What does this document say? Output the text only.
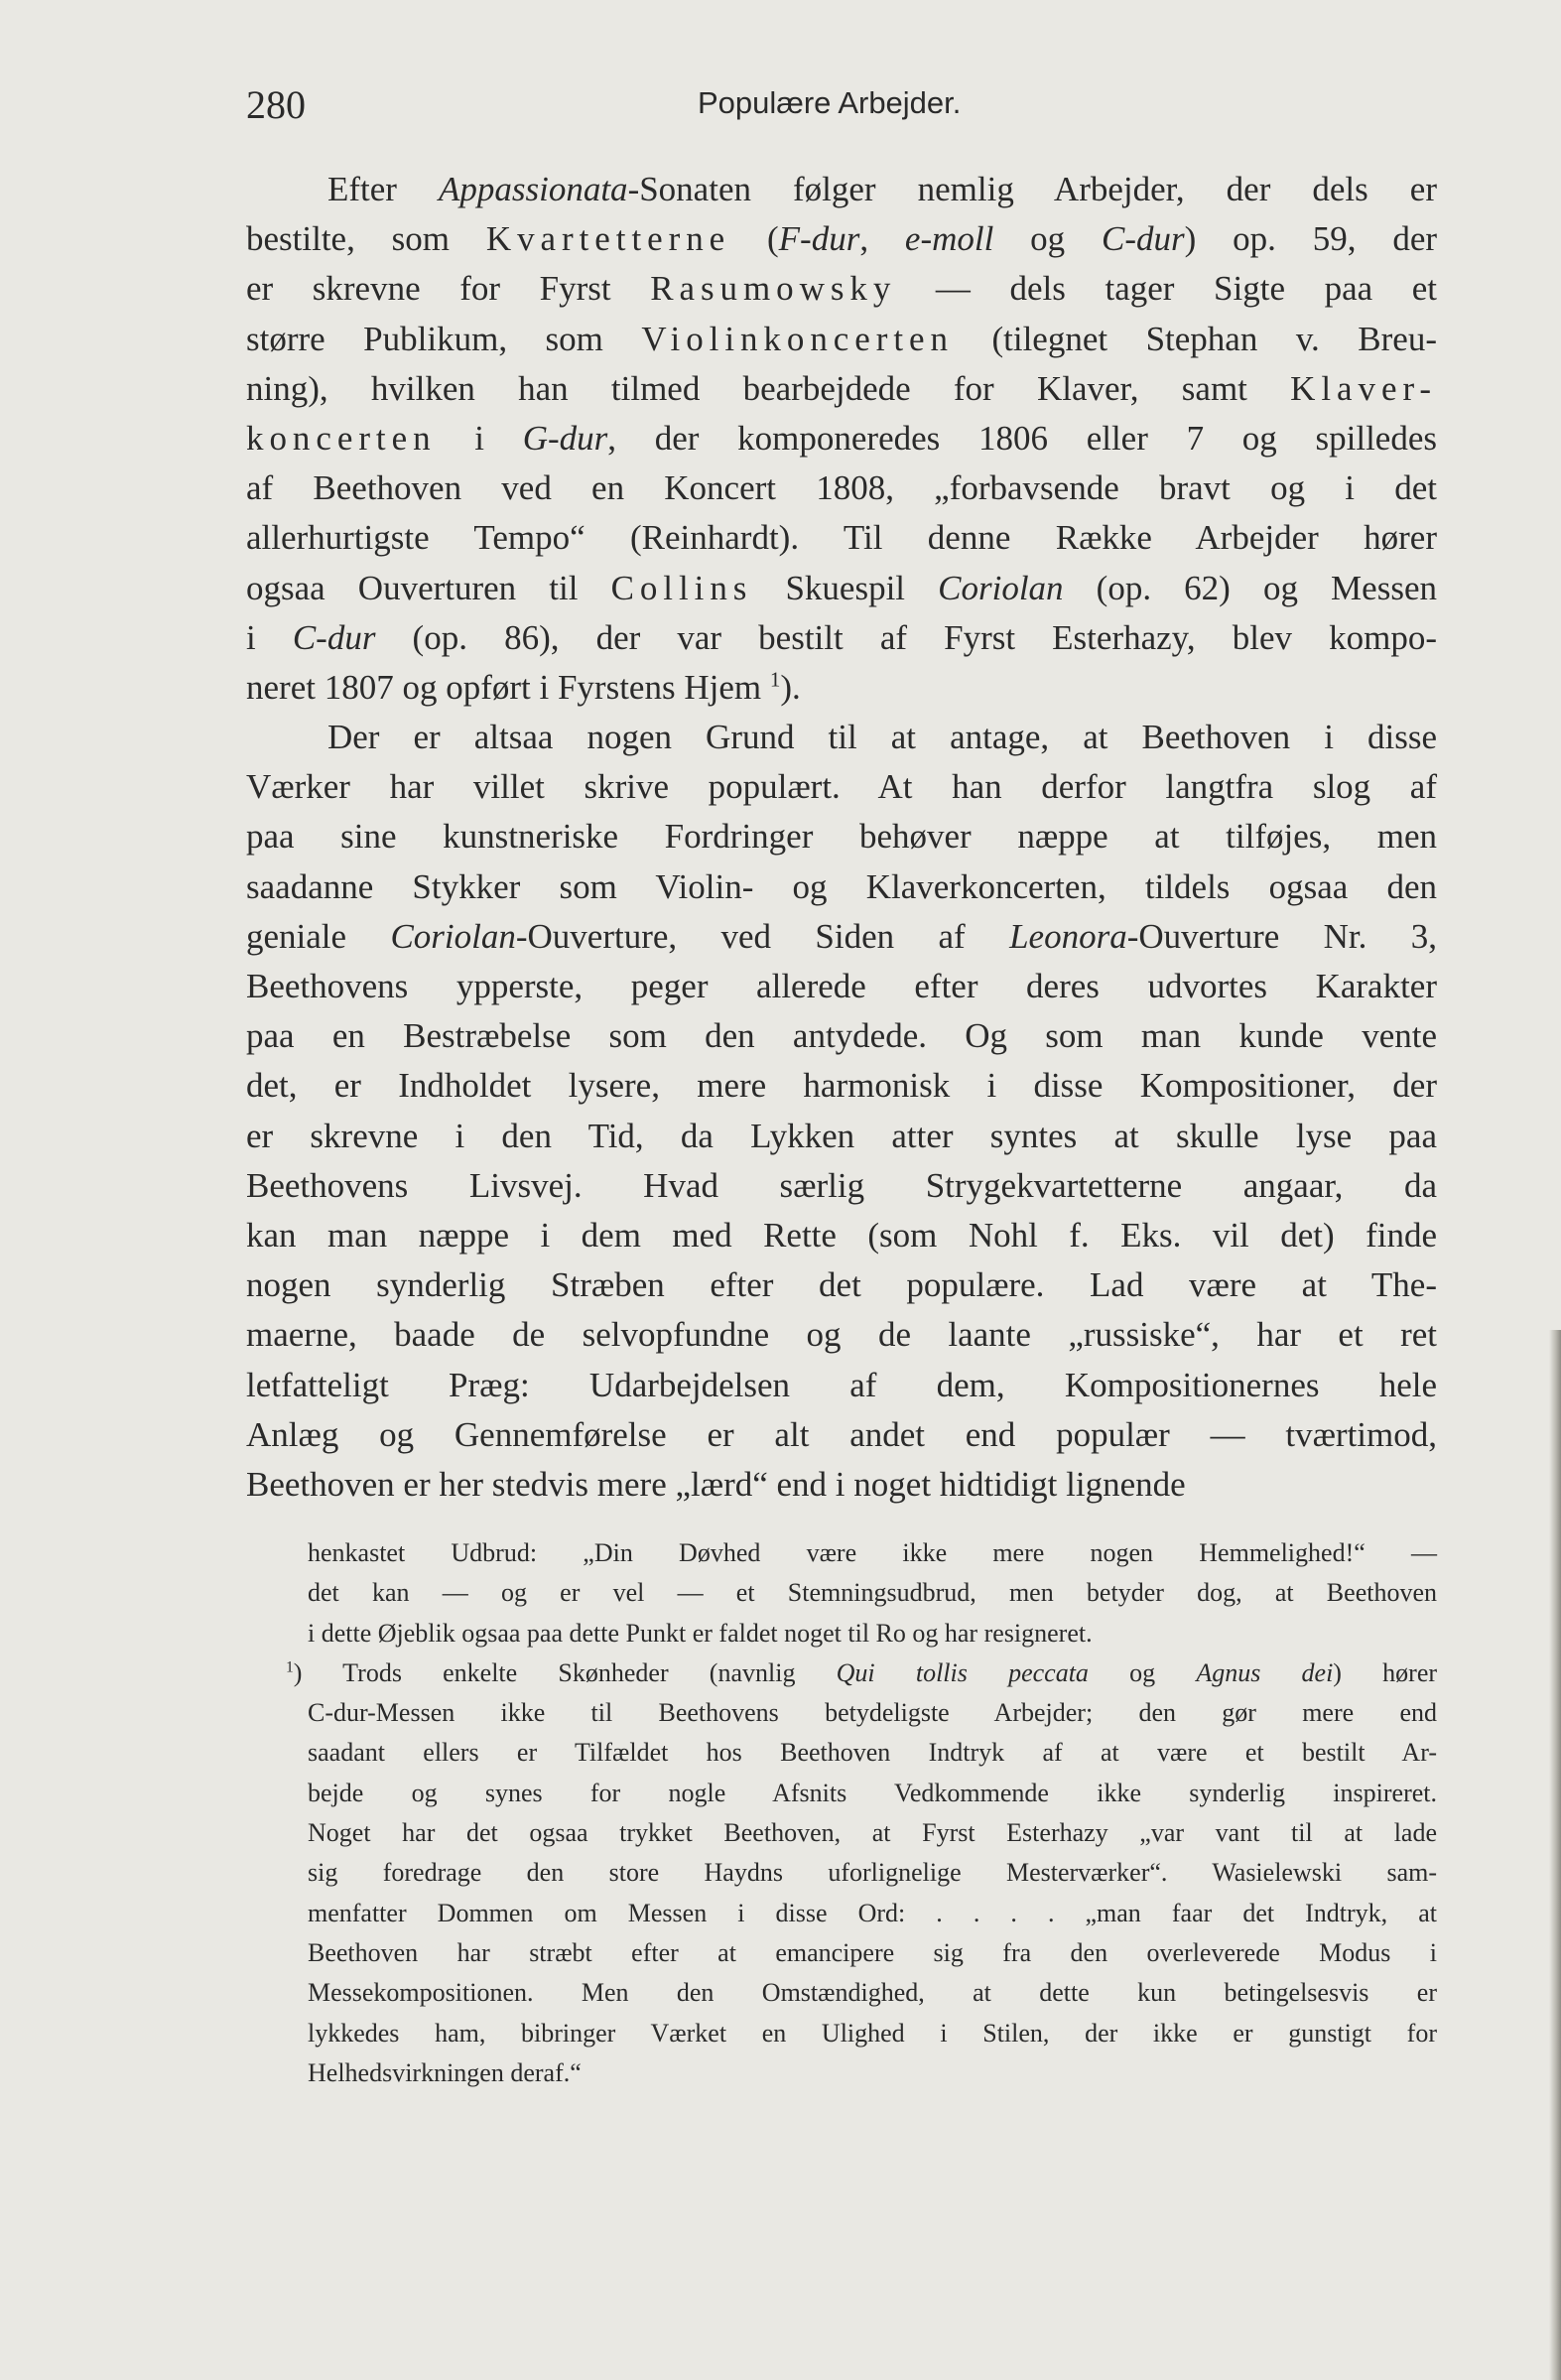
280	Populære Arbejder.
Efter Appassionata-Sonaten følger nemlig Arbejder, der dels er
bestilte, som Kvartetterne (F-dur, e-moll og C-dur) op. 59, der
er skrevne for Fyrst Rasumowsky — dels tager Sigte paa et
større Publikum, som Violinkoncerten (tilegnet Stephan v. Breu-
ning), hvilken han tilmed bearbejdede for Klaver, samt Klaver-
koncerten i G-dur, der komponeredes 1806 eller 7 og spilledes
af Beethoven ved en Koncert 1808, „forbavsende bravt og i det
allerhurtigste Tempo“ (Reinhardt). Til denne Række Arbejder hører
ogsaa Ouverturen til Collins Skuespil Coriolan (op. 62) og Messen
i C-dur (op. 86), der var bestilt af Fyrst Esterhazy, blev kompo-
neret 1807 og opført i Fyrstens Hjem $^1$).
Der er altsaa nogen Grund til at antage, at Beethoven i disse
Værker har villet skrive populært. At han derfor langtfra slog af
paa sine kunstneriske Fordringer behøver næppe at tilføjes, men
saadanne Stykker som Violin- og Klaverkoncerten, tildels ogsaa den
geniale Coriolan-Ouverture, ved Siden af Leonora-Ouverture Nr. 3,
Beethovens ypperste, peger allerede efter deres udvortes Karakter
paa en Bestræbelse som den antydede. Og som man kunde vente
det, er Indholdet lysere, mere harmonisk i disse Kompositioner, der
er skrevne i den Tid, da Lykken atter syntes at skulle lyse paa
Beethovens Livsvej. Hvad særlig Strygekvartetterne angaar, da
kan man næppe i dem med Rette (som Nohl f. Eks. vil det) finde
nogen synderlig Stræben efter det populære. Lad være at The-
maerne, baade de selvopfundne og de laante „russiske“, har et ret
letfatteligt Præg: Udarbejdelsen af dem, Kompositionernes hele
Anlæg og Gennemførelse er alt andet end populær — tværtimod,
Beethoven er her stedvis mere „lærd“ end i noget hidtidigt lignende
henkastet Udbrud: „Din Døvhed være ikke mere nogen Hemmelighed!“ —
det kan — og er vel — et Stemningsudbrud, men betyder dog, at Beethoven
i dette Øjeblik ogsaa paa dette Punkt er faldet noget til Ro og har resigneret.
$^1$) Trods enkelte Skønheder (navnlig Qui tollis peccata og Agnus dei) hører
C-dur-Messen ikke til Beethovens betydeligste Arbejder; den gør mere end
saadant ellers er Tilfældet hos Beethoven Indtryk af at være et bestilt Ar-
bejde og synes for nogle Afsnits Vedkommende ikke synderlig inspireret.
Noget har det ogsaa trykket Beethoven, at Fyrst Esterhazy „var vant til at lade
sig foredrage den store Haydns uforlignelige Mesterværker“. Wasielewski sam-
menfatter Dommen om Messen i disse Ord: . . . . „man faar det Indtryk, at
Beethoven har stræbt efter at emancipere sig fra den overleverede Modus i
Messekompositionen. Men den Omstændighed, at dette kun betingelsesvis er
lykkedes ham, bibringer Værket en Ulighed i Stilen, der ikke er gunstigt for
Helhedsvirkningen deraf.“
